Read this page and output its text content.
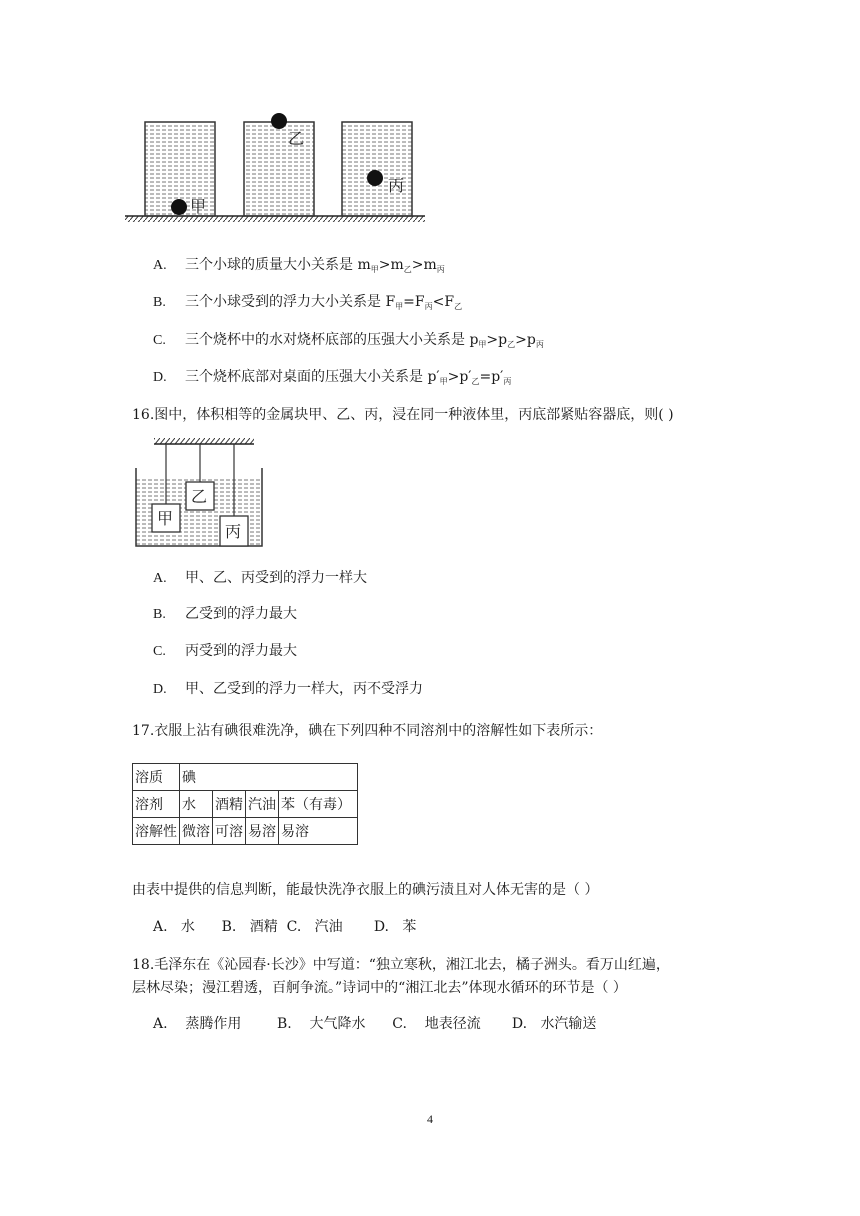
甲
乙
丙
A. 三个小球的质量大小关系是 $m_甲>m_乙>m_丙$
B. 三个小球受到的浮力大小关系是 $F_甲=F_丙<F_乙$
C. 三个烧杯中的水对烧杯底部的压强大小关系是 $p_甲>p_乙>p_丙$
D. 三个烧杯底部对桌面的压强大小关系是 $p'_甲>p'_乙=p'_丙$
16.图中，体积相等的金属块甲、乙、丙，浸在同一种液体里，丙底部紧贴容器底，则( )
甲
乙
丙
A. 甲、乙、丙受到的浮力一样大
B. 乙受到的浮力最大
C. 丙受到的浮力最大
D. 甲、乙受到的浮力一样大，丙不受浮力
17.衣服上沾有碘很难洗净，碘在下列四种不同溶剂中的溶解性如下表所示：
溶质	碘			
溶剂	水	酒精	汽油	苯（有毒）
溶解性	微溶	可溶	易溶	易溶
由表中提供的信息判断，能最快洗净衣服上的碘污渍且对人体无害的是（ ）
A. 水 B. 酒精 C. 汽油 D. 苯
18.毛泽东在《沁园春·长沙》中写道：“独立寒秋，湘江北去，橘子洲头。看万山红遍，
层林尽染；漫江碧透，百舸争流。”诗词中的“湘江北去”体现水循环的环节是（ ）
A. 蒸腾作用	B. 大气降水 C. 地表径流 D. 水汽输送
4
